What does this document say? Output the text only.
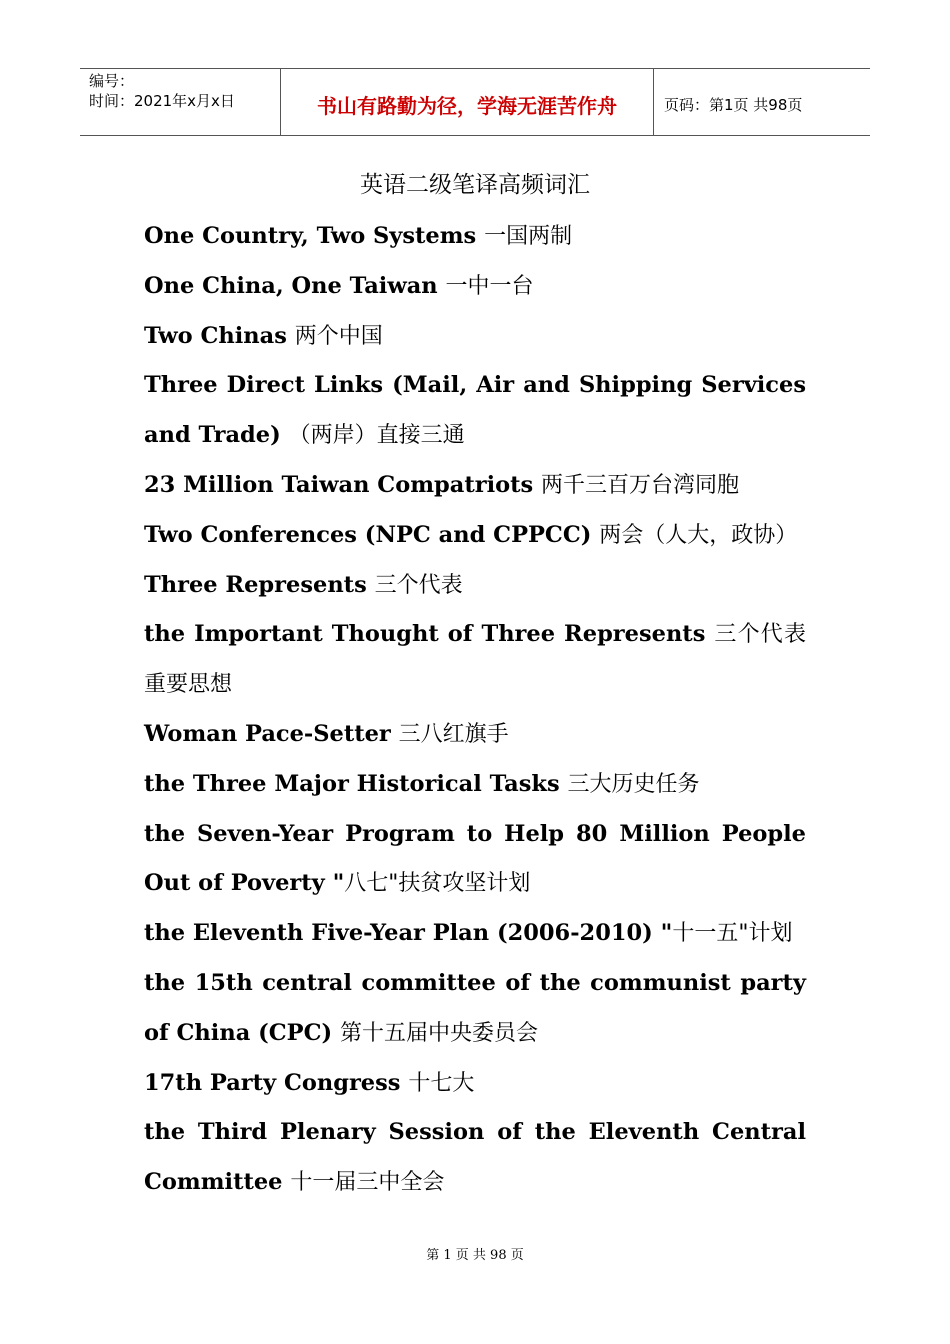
编号：
时间：2021年x月x日	书山有路勤为径，学海无涯苦作舟	页码：第1页 共98页
英语二级笔译高频词汇
One Country, Two Systems 一国两制
One China, One Taiwan 一中一台
Two Chinas 两个中国
Three Direct Links (Mail, Air and Shipping Services and Trade) （两岸）直接三通
23 Million Taiwan Compatriots 两千三百万台湾同胞
Two Conferences (NPC and CPPCC) 两会（人大，政协）
Three Represents 三个代表
the Important Thought of Three Represents 三个代表重要思想
Woman Pace-Setter 三八红旗手
the Three Major Historical Tasks 三大历史任务
the Seven-Year Program to Help 80 Million People Out of Poverty "八七"扶贫攻坚计划
the Eleventh Five-Year Plan (2006-2010) "十一五"计划
the 15th central committee of the communist party of China (CPC) 第十五届中央委员会
17th Party Congress 十七大
the Third Plenary Session of the Eleventh Central Committee 十一届三中全会
第 1 页 共 98 页
